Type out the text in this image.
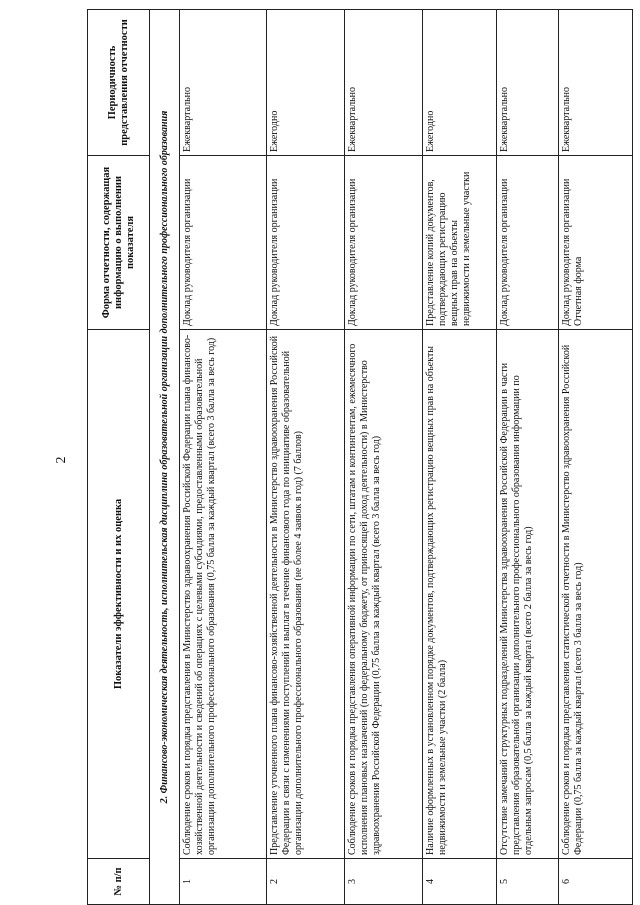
2
№ п/п	Показатели эффективности и их оценка	Форма отчетности, содержащая информацию о выполнении показателя	Периодичность представления отчетности
2. Финансово-экономическая деятельность, исполнительская дисциплина образовательной организации дополнительного профессионального образования			
1	Соблюдение сроков и порядка представления в Министерство здравоохранения Российской Федерации плана финансово-хозяйственной деятельности и сведений об операциях с целевыми субсидиями, предоставленными образовательной организации дополнительного профессионального образования (0,75 балла за каждый квартал (всего 3 балла за весь год)	Доклад руководителя организации	Ежеквартально
2	Представление уточненного плана финансово-хозяйственной деятельности в Министерство здравоохранения Российской Федерации в связи с изменениями поступлений и выплат в течение финансового года по инициативе образовательной организации дополнительного профессионального образования (не более 4 заявок в год) (7 баллов)	Доклад руководителя организации	Ежегодно
3	Соблюдение сроков и порядка представления оперативной информации по сети, штатам и контингентам, ежемесячного исполнения плановых назначений (по федеральному бюджету, от приносящей доход деятельности) в Министерство здравоохранения Российской Федерации (0,75 балла за каждый квартал (всего 3 балла за весь год)	Доклад руководителя организации	Ежеквартально
4	Наличие оформленных в установленном порядке документов, подтверждающих регистрацию вещных прав на объекты недвижимости и земельные участки (2 балла)	Представление копий документов, подтверждающих регистрацию вещных прав на объекты недвижимости и земельные участки	Ежегодно
5	Отсутствие замечаний структурных подразделений Министерства здравоохранения Российской Федерации в части представления образовательной организации дополнительного профессионального образования информации по отдельным запросам (0,5 балла за каждый квартал (всего 2 балла за весь год)	Доклад руководителя организации	Ежеквартально
6	Соблюдение сроков и порядка представления статистической отчетности в Министерство здравоохранения Российской Федерации (0,75 балла за каждый квартал (всего 3 балла за весь год)	Доклад руководителя организации Отчетная форма	Ежеквартально
